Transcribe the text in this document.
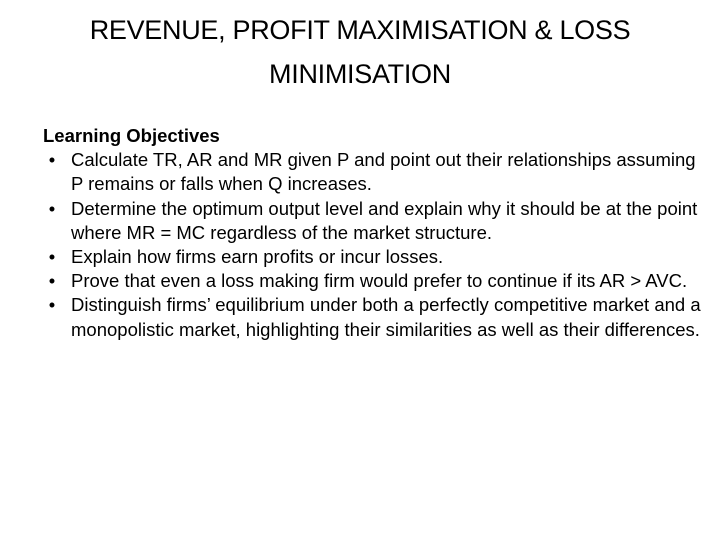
REVENUE, PROFIT MAXIMISATION & LOSS
MINIMISATION

Learning Objectives

• Calculate TR, AR and MR given P and point out their relationships assuming P remains or falls when Q increases.
• Determine the optimum output level and explain why it should be at the point where MR = MC regardless of the market structure.
• Explain how firms earn profits or incur losses.
• Prove that even a loss making firm would prefer to continue if its AR > AVC.
• Distinguish firms’ equilibrium under both a perfectly competitive market and a monopolistic market, highlighting their similarities as well as their differences.
